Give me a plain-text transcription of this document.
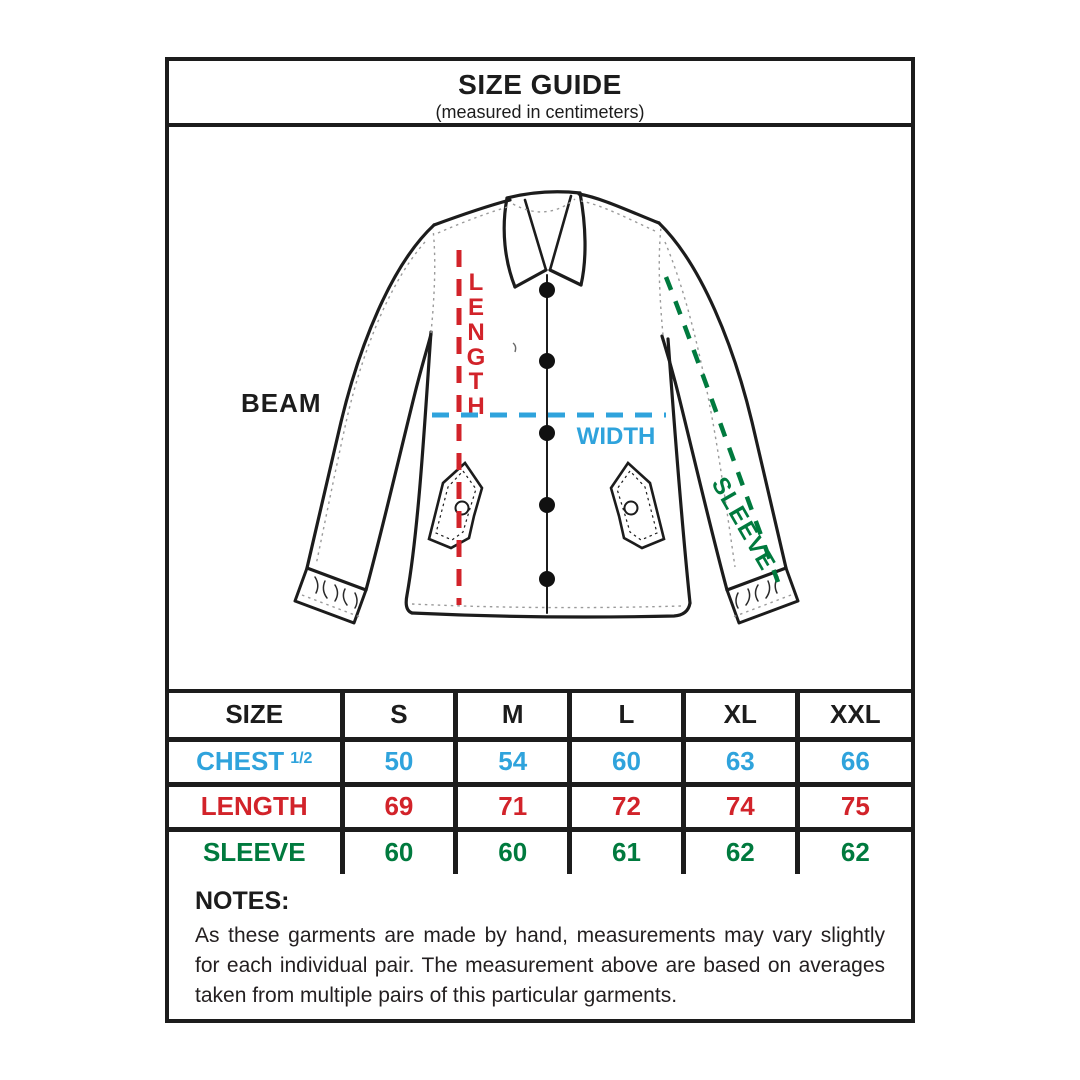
SIZE GUIDE
(measured in centimeters)
BEAM
L
E
N
G
T
H
WIDTH
SLEEVE
SIZE	S	M	L	XL	XXL
CHEST $^{1/2}$	50	54	60	63	66
LENGTH	69	71	72	74	75
SLEEVE	60	60	61	62	62

NOTES:

As these garments are made by hand, measurements may vary slightly for each individual pair. The measurement above are based on averages taken from multiple pairs of this particular garments.
